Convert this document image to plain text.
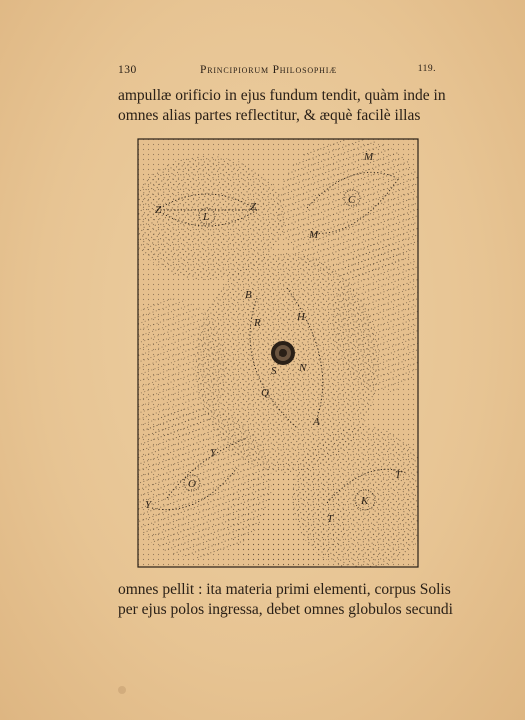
130	Principiorum Philosophiæ	119.
ampullæ orificio in ejus fundum tendit, quàm inde in
omnes alias partes reflectitur, & æquè facilè illas
M
C
M
Z
L
Z
B
R	H
S
S N
Q
A
Y
O
Y
T
K
T
omnes pellit : ita materia primi elementi, corpus Solis
per ejus polos ingressa, debet omnes globulos secundi
